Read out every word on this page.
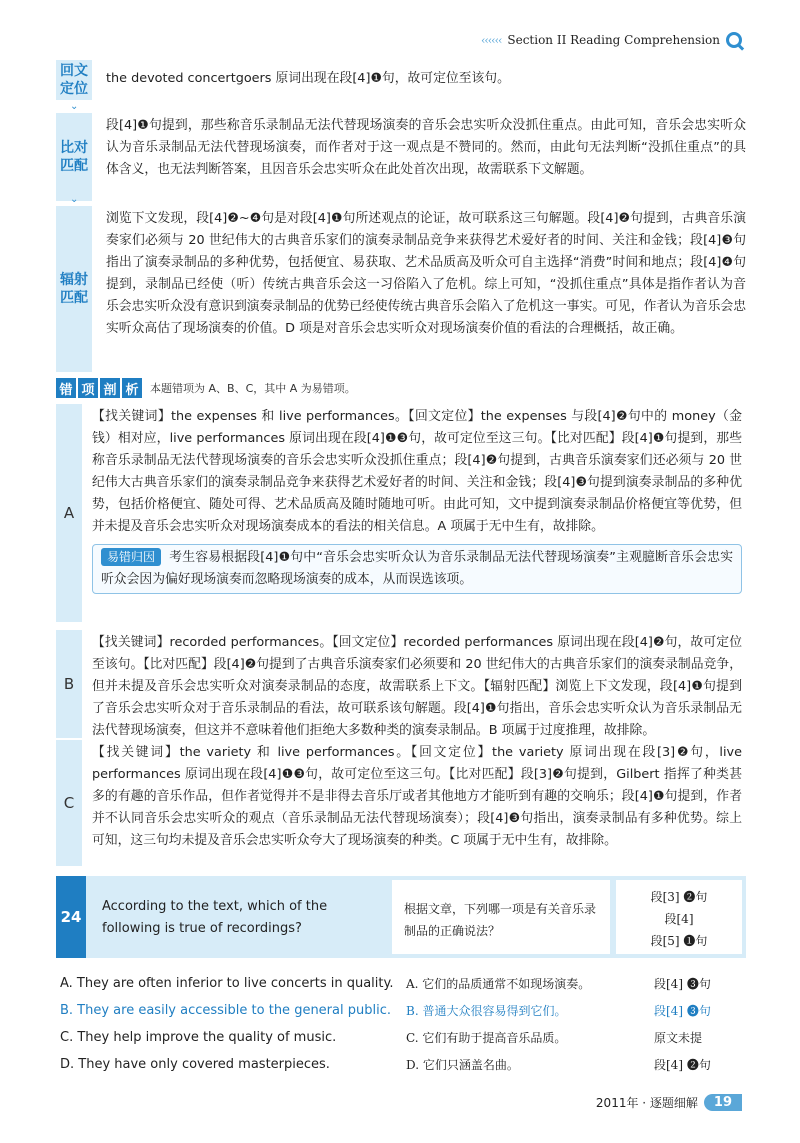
‹‹‹‹‹‹ Section II Reading Comprehension
回文定位
the devoted concertgoers 原词出现在段[4]❶句，故可定位至该句。
⌄
比对匹配
段[4]❶句提到，那些称音乐录制品无法代替现场演奏的音乐会忠实听众没抓住重点。由此可知，音乐会忠实听众认为音乐录制品无法代替现场演奏，而作者对于这一观点是不赞同的。然而，由此句无法判断“没抓住重点”的具体含义，也无法判断答案，且因音乐会忠实听众在此处首次出现，故需联系下文解题。
⌄
辐射匹配
浏览下文发现，段[4]❷~❹句是对段[4]❶句所述观点的论证，故可联系这三句解题。段[4]❷句提到，古典音乐演奏家们必须与 20 世纪伟大的古典音乐家们的演奏录制品竞争来获得艺术爱好者的时间、关注和金钱；段[4]❸句指出了演奏录制品的多种优势，包括便宜、易获取、艺术品质高及听众可自主选择“消费”时间和地点；段[4]❹句提到，录制品已经使（听）传统古典音乐会这一习俗陷入了危机。综上可知，“没抓住重点”具体是指作者认为音乐会忠实听众没有意识到演奏录制品的优势已经使传统古典音乐会陷入了危机这一事实。可见，作者认为音乐会忠实听众高估了现场演奏的价值。D 项是对音乐会忠实听众对现场演奏价值的看法的合理概括，故正确。
错 项 剖 析	本题错项为 A、B、C，其中 A 为易错项。
A
【找关键词】the expenses 和 live performances。【回文定位】the expenses 与段[4]❷句中的 money（金钱）相对应，live performances 原词出现在段[4]❶❸句，故可定位至这三句。【比对匹配】段[4]❶句提到，那些称音乐录制品无法代替现场演奏的音乐会忠实听众没抓住重点；段[4]❷句提到，古典音乐演奏家们还必须与 20 世纪伟大古典音乐家们的演奏录制品竞争来获得艺术爱好者的时间、关注和金钱；段[4]❸句提到演奏录制品的多种优势，包括价格便宜、随处可得、艺术品质高及随时随地可听。由此可知，文中提到演奏录制品价格便宜等优势，但并未提及音乐会忠实听众对现场演奏成本的看法的相关信息。A 项属于无中生有，故排除。
易错归因 考生容易根据段[4]❶句中“音乐会忠实听众认为音乐录制品无法代替现场演奏”主观臆断音乐会忠实听众会因为偏好现场演奏而忽略现场演奏的成本，从而误选该项。
B
【找关键词】recorded performances。【回文定位】recorded performances 原词出现在段[4]❷句，故可定位至该句。【比对匹配】段[4]❷句提到了古典音乐演奏家们必须要和 20 世纪伟大的古典音乐家们的演奏录制品竞争，但并未提及音乐会忠实听众对演奏录制品的态度，故需联系上下文。【辐射匹配】浏览上下文发现，段[4]❶句提到了音乐会忠实听众对于音乐录制品的看法，故可联系该句解题。段[4]❶句指出，音乐会忠实听众认为音乐录制品无法代替现场演奏，但这并不意味着他们拒绝大多数种类的演奏录制品。B 项属于过度推理，故排除。
C
【找关键词】the variety 和 live performances。【回文定位】the variety 原词出现在段[3]❷句，live performances 原词出现在段[4]❶❸句，故可定位至这三句。【比对匹配】段[3]❷句提到，Gilbert 指挥了种类甚多的有趣的音乐作品，但作者觉得并不是非得去音乐厅或者其他地方才能听到有趣的交响乐；段[4]❶句提到，作者并不认同音乐会忠实听众的观点（音乐录制品无法代替现场演奏）；段[4]❸句指出，演奏录制品有多种优势。综上可知，这三句均未提及音乐会忠实听众夸大了现场演奏的种类。C 项属于无中生有，故排除。
24
According to the text, which of the following is true of recordings?
根据文章，下列哪一项是有关音乐录制品的正确说法？
段[3] ❷句
段[4]
段[5] ❶句
A. They are often inferior to live concerts in quality.	A. 它们的品质通常不如现场演奏。	段[4] ❸句
B. They are easily accessible to the general public.	B. 普通大众很容易得到它们。	段[4] ❸句
C. They help improve the quality of music.	C. 它们有助于提高音乐品质。	原文未提
D. They have only covered masterpieces.	D. 它们只涵盖名曲。	段[4] ❷句
2011年 · 逐题细解	19
